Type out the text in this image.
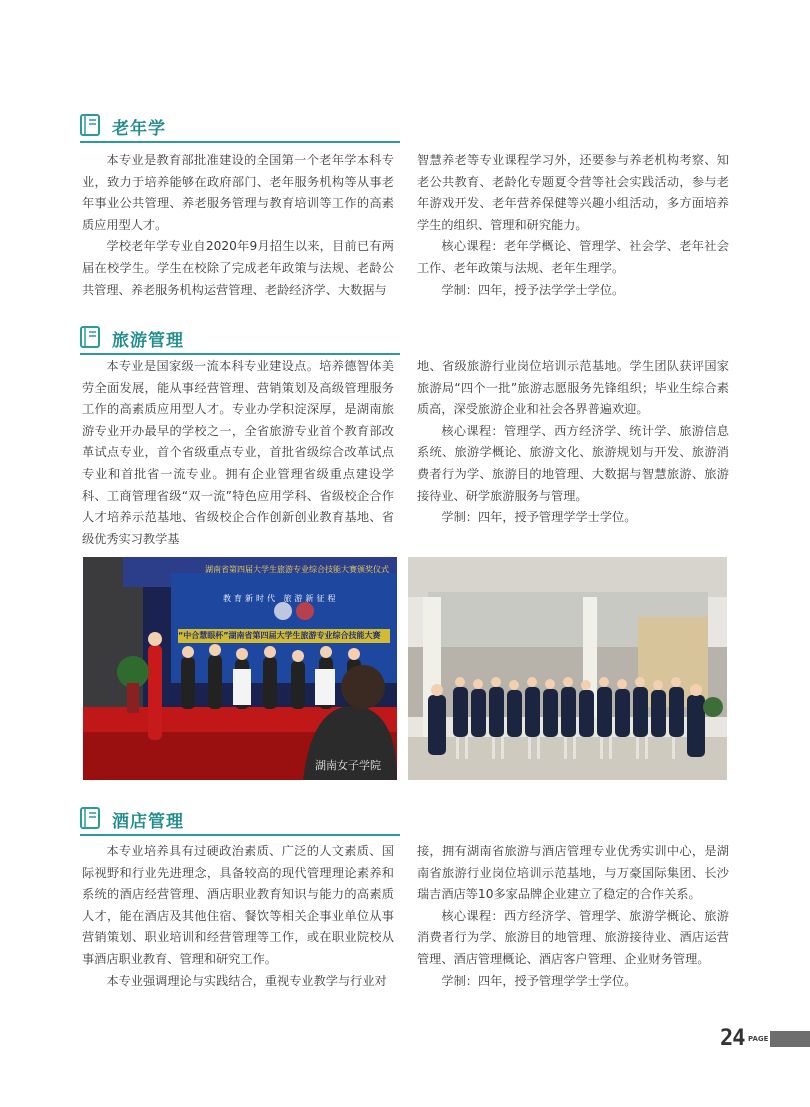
老年学

本专业是教育部批准建设的全国第一个老年学本科专业，致力于培养能够在政府部门、老年服务机构等从事老年事业公共管理、养老服务管理与教育培训等工作的高素质应用型人才。

学校老年学专业自2020年9月招生以来，目前已有两届在校学生。学生在校除了完成老年政策与法规、老龄公共管理、养老服务机构运营管理、老龄经济学、大数据与

智慧养老等专业课程学习外，还要参与养老机构考察、知老公共教育、老龄化专题夏令营等社会实践活动，参与老年游戏开发、老年营养保健等兴趣小组活动，多方面培养学生的组织、管理和研究能力。

核心课程：老年学概论、管理学、社会学、老年社会工作、老年政策与法规、老年生理学。

学制：四年，授予法学学士学位。

旅游管理

本专业是国家级一流本科专业建设点。培养德智体美劳全面发展，能从事经营管理、营销策划及高级管理服务工作的高素质应用型人才。专业办学积淀深厚，是湖南旅游专业开办最早的学校之一，全省旅游专业首个教育部改革试点专业，首个省级重点专业，首批省级综合改革试点专业和首批省一流专业。拥有企业管理省级重点建设学科、工商管理省级“双一流”特色应用学科、省级校企合作人才培养示范基地、省级校企合作创新创业教育基地、省级优秀实习教学基

地、省级旅游行业岗位培训示范基地。学生团队获评国家旅游局“四个一批”旅游志愿服务先锋组织；毕业生综合素质高，深受旅游企业和社会各界普遍欢迎。

核心课程：管理学、西方经济学、统计学、旅游信息系统、旅游学概论、旅游文化、旅游规划与开发、旅游消费者行为学、旅游目的地管理、大数据与智慧旅游、旅游接待业、研学旅游服务与管理。

学制：四年，授予管理学学士学位。

湖南省第四届大学生旅游专业综合技能大赛颁奖仪式
教育新时代 旅游新征程
“中合慧眼杯”湖南省第四届大学生旅游专业综合技能大赛
湖南女子学院
酒店管理

本专业培养具有过硬政治素质、广泛的人文素质、国际视野和行业先进理念，具备较高的现代管理理论素养和系统的酒店经营管理、酒店职业教育知识与能力的高素质人才，能在酒店及其他住宿、餐饮等相关企事业单位从事营销策划、职业培训和经营管理等工作，或在职业院校从事酒店职业教育、管理和研究工作。

本专业强调理论与实践结合，重视专业教学与行业对

接，拥有湖南省旅游与酒店管理专业优秀实训中心，是湖南省旅游行业岗位培训示范基地，与万豪国际集团、长沙瑞吉酒店等10多家品牌企业建立了稳定的合作关系。

核心课程：西方经济学、管理学、旅游学概论、旅游消费者行为学、旅游目的地管理、旅游接待业、酒店运营管理、酒店管理概论、酒店客户管理、企业财务管理。

学制：四年，授予管理学学士学位。

24 PAGE
